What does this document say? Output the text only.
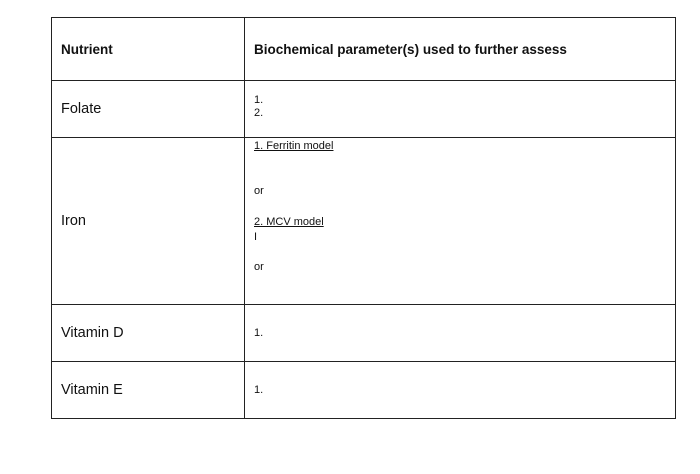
Nutrient	Biochemical parameter(s) used to further assess

Folate	1.
2.

Iron	1. Ferritin model
or
2. MCV model
I
or

Vitamin D	1.

Vitamin E	1.
